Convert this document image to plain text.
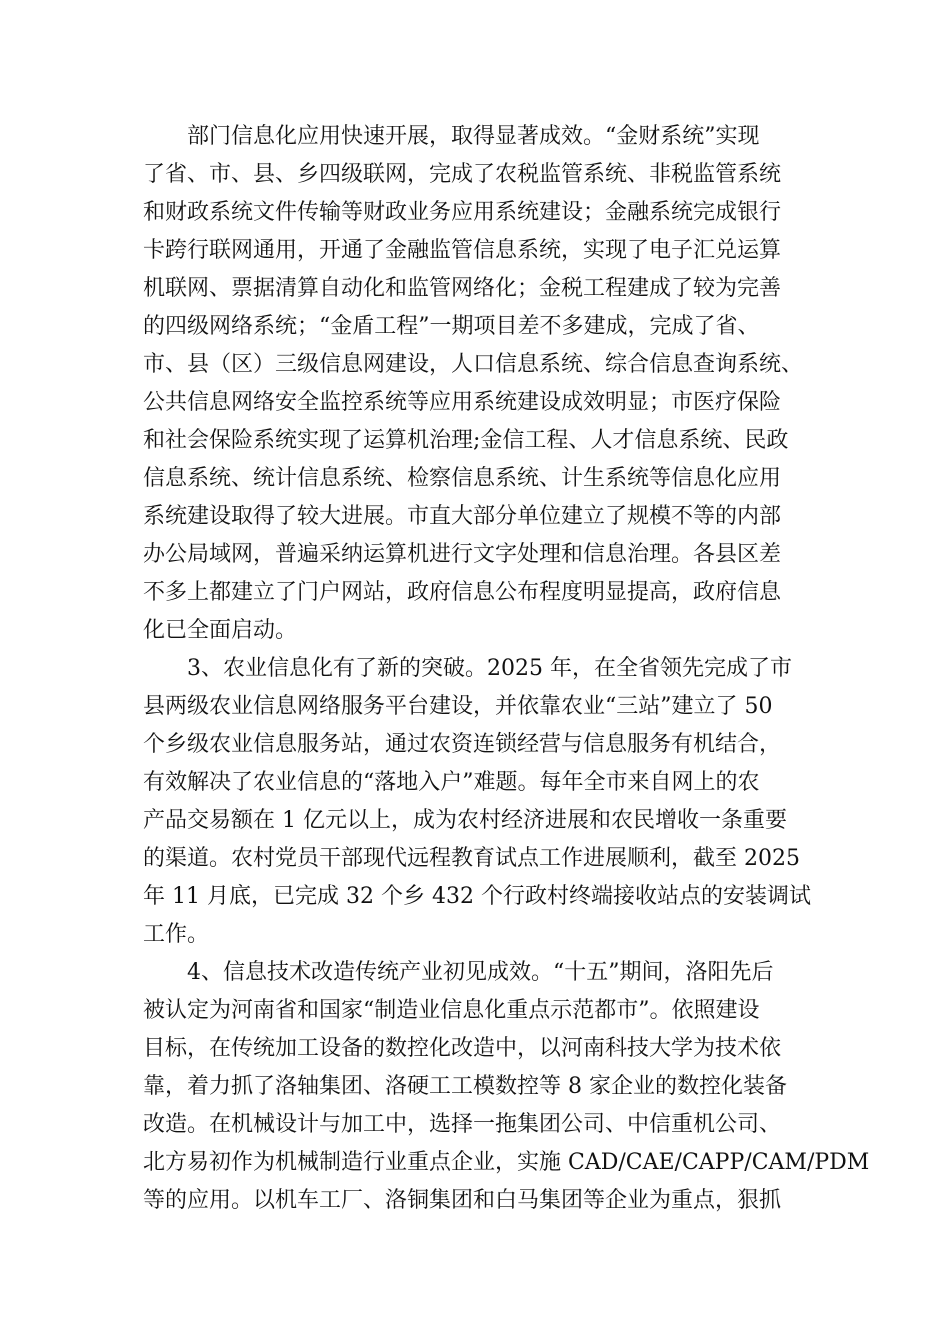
部门信息化应用快速开展，取得显著成效。“金财系统”实现
了省、市、县、乡四级联网，完成了农税监管系统、非税监管系统
和财政系统文件传输等财政业务应用系统建设；金融系统完成银行
卡跨行联网通用，开通了金融监管信息系统，实现了电子汇兑运算
机联网、票据清算自动化和监管网络化；金税工程建成了较为完善
的四级网络系统；“金盾工程”一期项目差不多建成，完成了省、
市、县（区）三级信息网建设，人口信息系统、综合信息查询系统、
公共信息网络安全监控系统等应用系统建设成效明显；市医疗保险
和社会保险系统实现了运算机治理;金信工程、人才信息系统、民政
信息系统、统计信息系统、检察信息系统、计生系统等信息化应用
系统建设取得了较大进展。市直大部分单位建立了规模不等的内部
办公局域网，普遍采纳运算机进行文字处理和信息治理。各县区差
不多上都建立了门户网站，政府信息公布程度明显提高，政府信息
化已全面启动。
3、农业信息化有了新的突破。2025 年，在全省领先完成了市
县两级农业信息网络服务平台建设，并依靠农业“三站”建立了 50
个乡级农业信息服务站，通过农资连锁经营与信息服务有机结合，
有效解决了农业信息的“落地入户”难题。每年全市来自网上的农
产品交易额在 1 亿元以上，成为农村经济进展和农民增收一条重要
的渠道。农村党员干部现代远程教育试点工作进展顺利，截至 2025
年 11 月底，已完成 32 个乡 432 个行政村终端接收站点的安装调试
工作。
4、信息技术改造传统产业初见成效。“十五”期间，洛阳先后
被认定为河南省和国家“制造业信息化重点示范都市”。依照建设
目标，在传统加工设备的数控化改造中，以河南科技大学为技术依
靠，着力抓了洛轴集团、洛硬工工模数控等 8 家企业的数控化装备
改造。在机械设计与加工中，选择一拖集团公司、中信重机公司、
北方易初作为机械制造行业重点企业，实施 CAD/CAE/CAPP/CAM/PDM
等的应用。以机车工厂、洛铜集团和白马集团等企业为重点，狠抓
